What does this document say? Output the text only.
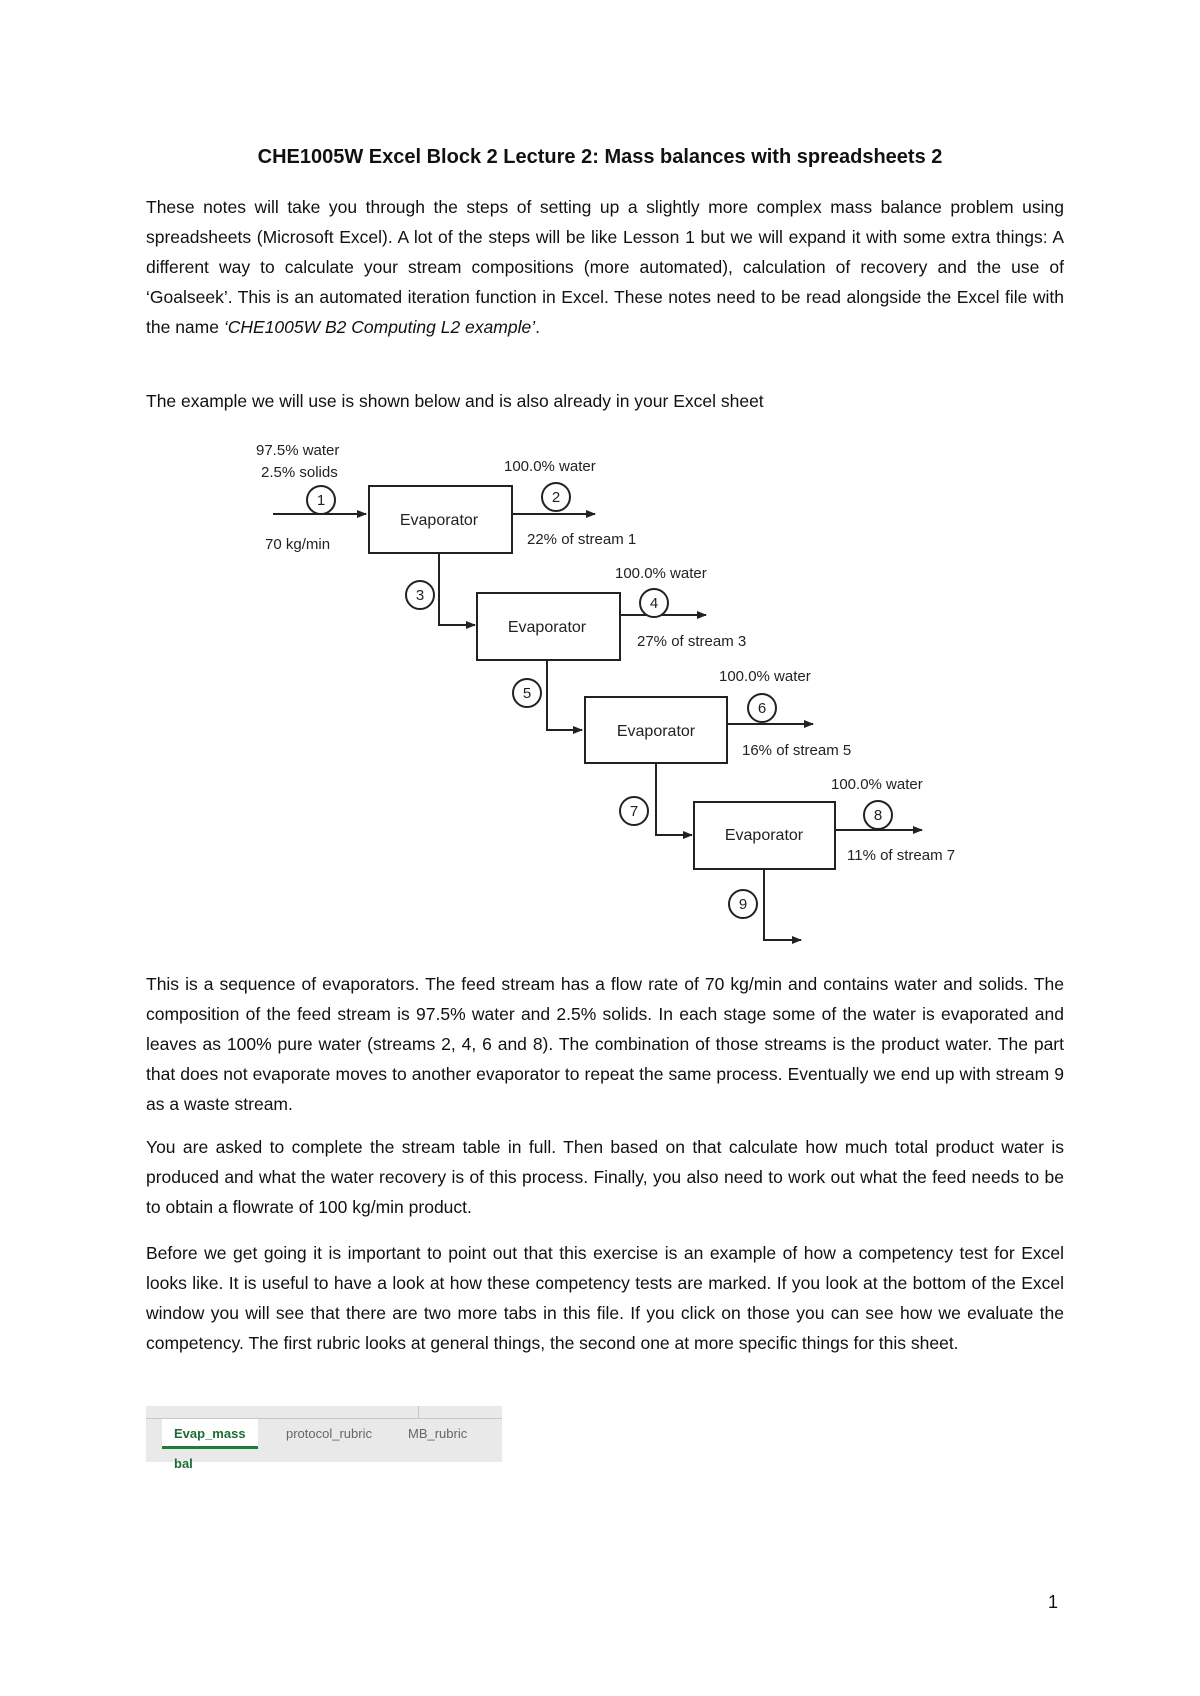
CHE1005W Excel Block 2 Lecture 2: Mass balances with spreadsheets 2

These notes will take you through the steps of setting up a slightly more complex mass balance problem using spreadsheets (Microsoft Excel). A lot of the steps will be like Lesson 1 but we will expand it with some extra things: A different way to calculate your stream compositions (more automated), calculation of recovery and the use of ‘Goalseek’. This is an automated iteration function in Excel. These notes need to be read alongside the Excel file with the name ‘CHE1005W B2 Computing L2 example’.

The example we will use is shown below and is also already in your Excel sheet

1	2
3	4
5
6
7	8
9
Evaporator
Evaporator
Evaporator
Evaporator
97.5% water
2.5% solids
70 kg/min
100.0% water
100.0% water
100.0% water
100.0% water
22% of stream 1
27% of stream 3
16% of stream 5
11% of stream 7

This is a sequence of evaporators. The feed stream has a flow rate of 70 kg/min and contains water and solids. The composition of the feed stream is 97.5% water and 2.5% solids. In each stage some of the water is evaporated and leaves as 100% pure water (streams 2, 4, 6 and 8). The combination of those streams is the product water. The part that does not evaporate moves to another evaporator to repeat the same process. Eventually we end up with stream 9 as a waste stream.

You are asked to complete the stream table in full. Then based on that calculate how much total product water is produced and what the water recovery is of this process. Finally, you also need to work out what the feed needs to be to obtain a flowrate of 100 kg/min product.

Before we get going it is important to point out that this exercise is an example of how a competency test for Excel looks like. It is useful to have a look at how these competency tests are marked. If you look at the bottom of the Excel window you will see that there are two more tabs in this file. If you click on those you can see how we evaluate the competency. The first rubric looks at general things, the second one at more specific things for this sheet.

Evap_mass bal
protocol_rubric	MB_rubric
1
